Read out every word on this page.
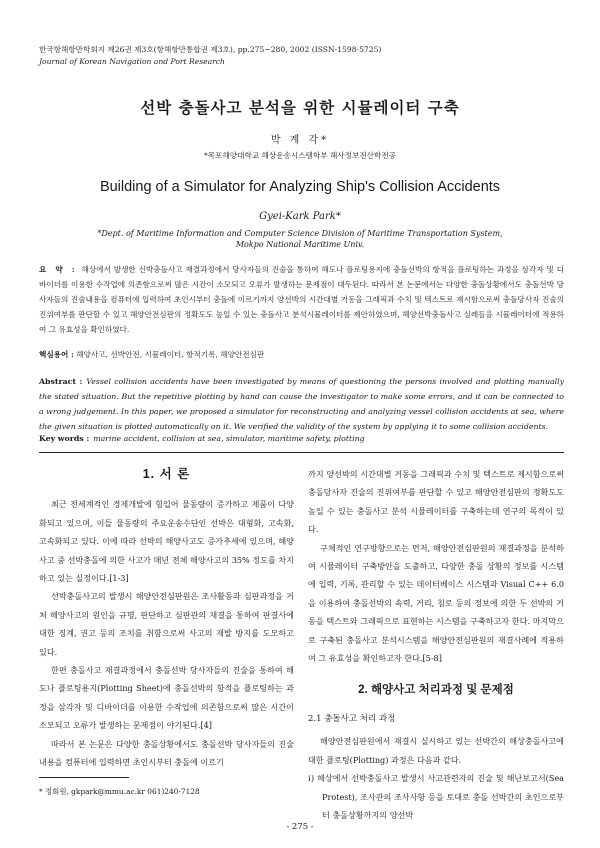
한국항해항만학회지 제26권 제3호(항해항만통합권 제3호), pp.275~280, 2002 (ISSN-1598-5725)
Journal of Korean Navigation and Port Research
선박 충돌사고 분석을 위한 시뮬레이터 구축
박 계 각*
*목포해양대학교 해상운송시스템학부 해사정보전산학전공
Building of a Simulator for Analyzing Ship's Collision Accidents
Gyei-Kark Park*
*Dept. of Maritime Information and Computer Science Division of Maritime Transportation System,
Mokpo National Maritime Univ.
요 약 : 해상에서 발생한 선박충돌사고 재결과정에서 당사자들의 진술을 통하여 해도나 플로팅용지에 충돌선박의 항적을 플로팅하는 과정을 삼각자 및 디바이더를 이용한 수작업에 의존함으로써 많은 시간이 소모되고 오류가 발생하는 문제점이 대두된다. 따라서 본 논문에서는 다양한 충돌상황에서도 충돌선박 당사자들의 진술내용을 컴퓨터에 입력하여 초인시부터 충돌에 이르기까지 양선박의 시간대별 거동을 그래픽과 수치 및 텍스트로 재시함으로써 충돌당사자 진술의 진위여부를 판단할 수 있고 해양안전심판의 정확도도 높일 수 있는 충돌사고 분석시뮬레이터를 제안하였으며, 해양선박충돌사고 실례들을 시뮬레이터에 적용하여 그 유효성을 확인하였다.
핵심용어 : 해양사고, 선박안전, 시뮬레이터, 항적기록, 해양안전심판
Abstract : Vessel collision accidents have been investigated by means of questioning the persons involved and plotting manually the stated situation. But the repetitive plotting by hand can cause the investigator to make some errors, and it can be connected to a wrong judgement. In this paper, we proposed a simulator for reconstructing and analyzing vessel collision accidents at sea, where the given situation is plotted automatically on it. We verified the validity of the system by applying it to some collision accidents.
Key words : marine accident, collision at sea, simulator, maritime safety, plotting
1. 서 론

최근 전세계적인 경제개발에 힘입어 물동량이 증가하고 제품이 다양화되고 있으며, 이들 물동량의 주요운송수단인 선박은 대형화, 고속화, 고속화되고 있다. 이에 따라 선박의 해양사고도 증가추세에 있으며, 해양사고 중 선박충돌에 의한 사고가 매년 전체 해양사고의 35% 정도를 차지하고 있는 실정이다.[1-3]

선박충돌사고의 발생시 해양안전심판원은 조사활동과 심판과정을 거쳐 해양사고의 원인을 규명, 판단하고 심판관의 재결을 통하여 판결사에 대한 징계, 권고 등의 조치를 취함으로써 사고의 재발 방지를 도모하고 있다.

한편 충돌사고 재결과정에서 충돌선박 당사자들의 진술을 통하여 해도나 플로팅용지(Plotting Sheet)에 충돌선박의 항적을 플로팅하는 과정을 삼각자 및 디바이더를 이용한 수작업에 의존함으로써 많은 시간이 소모되고 오류가 발생하는 문제점이 야기된다.[4]

따라서 본 논문은 다양한 충돌상황에서도 충돌선박 당사자들의 진술내용을 컴퓨터에 입력하면 초인시부터 충돌에 이르기

까지 양선박의 시간대별 거동을 그래픽과 수치 및 텍스트로 제시함으로써 충돌당사자 진술의 진위여부를 판단할 수 있고 해양안전심판의 정확도도 높일 수 있는 충돌사고 분석 시뮬레이터를 구축하는데 연구의 목적이 있다.

구체적인 연구방향으로는 먼저, 해양안전심판원의 재결과정을 분석하여 시뮬레이터 구축방안을 도출하고, 다양한 충돌 상황의 정보를 시스템에 입력, 기록, 관리할 수 있는 데이터베이스 시스템과 Visual C++ 6.0을 이용하여 충돌선박의 속력, 거리, 침로 등의 정보에 의한 두 선박의 거동을 텍스트와 그래픽으로 표현하는 시스템을 구축하고자 한다. 마지막으로 구축된 충돌사고 분석시스템을 해양안전심판원의 재결사례에 적용하여 그 유효성을 확인하고자 한다.[5-8]

2. 해양사고 처리과정 및 문제점
2.1 충돌사고 처리 과정

해양안전심판원에서 재결시 실시하고 있는 선박간의 해상충돌사고에 대한 플로팅(Plotting) 과정은 다음과 같다.

ⅰ) 해상에서 선박충돌사고 발생시 사고관련자의 진술 및 해난보고서(Sea Protest), 조사관의 조사사항 등을 토대로 충돌 선박간의 초인으로부터 충돌상황까지의 양선박
* 정회원, gkpark@mmu.ac.kr 061)240-7128
- 275 -
